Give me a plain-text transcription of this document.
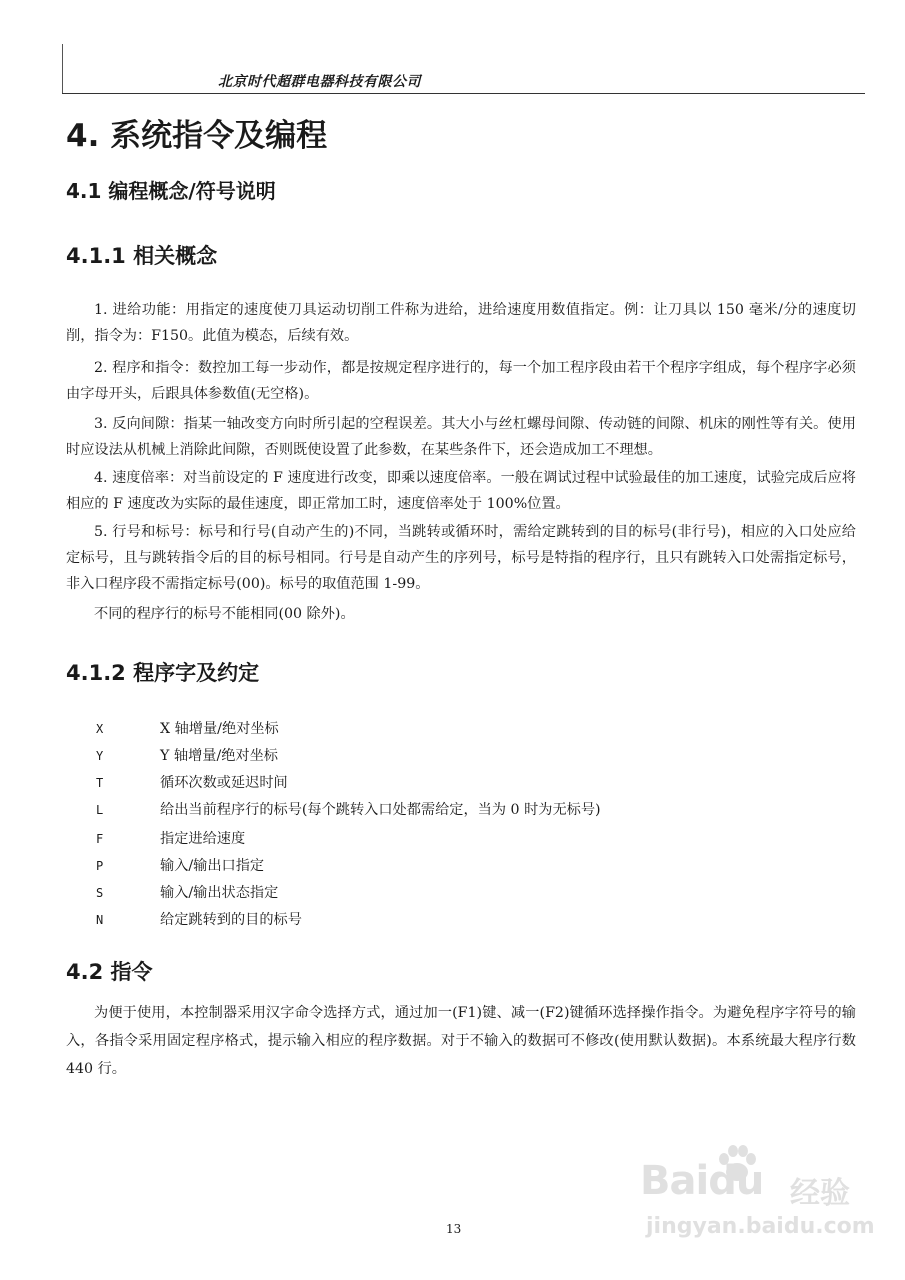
北京时代超群电器科技有限公司
4. 系统指令及编程
4.1 编程概念/符号说明
4.1.1 相关概念
1. 进给功能：用指定的速度使刀具运动切削工件称为进给，进给速度用数值指定。例：让刀具以 150 毫米/分的速度切削，指令为：F150。此值为模态，后续有效。
2. 程序和指令：数控加工每一步动作，都是按规定程序进行的，每一个加工程序段由若干个程序字组成，每个程序字必须由字母开头，后跟具体参数值(无空格)。
3. 反向间隙：指某一轴改变方向时所引起的空程误差。其大小与丝杠螺母间隙、传动链的间隙、机床的刚性等有关。使用时应设法从机械上消除此间隙，否则既使设置了此参数，在某些条件下，还会造成加工不理想。
4. 速度倍率：对当前设定的 F 速度进行改变，即乘以速度倍率。一般在调试过程中试验最佳的加工速度，试验完成后应将相应的 F 速度改为实际的最佳速度，即正常加工时，速度倍率处于 100%位置。
5. 行号和标号：标号和行号(自动产生的)不同，当跳转或循环时，需给定跳转到的目的标号(非行号)，相应的入口处应给定标号，且与跳转指令后的目的标号相同。行号是自动产生的序列号，标号是特指的程序行，且只有跳转入口处需指定标号，非入口程序段不需指定标号(00)。标号的取值范围 1-99。
不同的程序行的标号不能相同(00 除外)。
4.1.2 程序字及约定
X	X 轴增量/绝对坐标
Y	Y 轴增量/绝对坐标
T	循环次数或延迟时间
L	给出当前程序行的标号(每个跳转入口处都需给定，当为 0 时为无标号)
F	指定进给速度
P	输入/输出口指定
S	输入/输出状态指定
N	给定跳转到的目的标号
4.2 指令
为便于使用，本控制器采用汉字命令选择方式，通过加一(F1)键、减一(F2)键循环选择操作指令。为避免程序字符号的输入，各指令采用固定程序格式，提示输入相应的程序数据。对于不输入的数据可不修改(使用默认数据)。本系统最大程序行数 440 行。
13
Baidu 经验
jingyan.baidu.com
